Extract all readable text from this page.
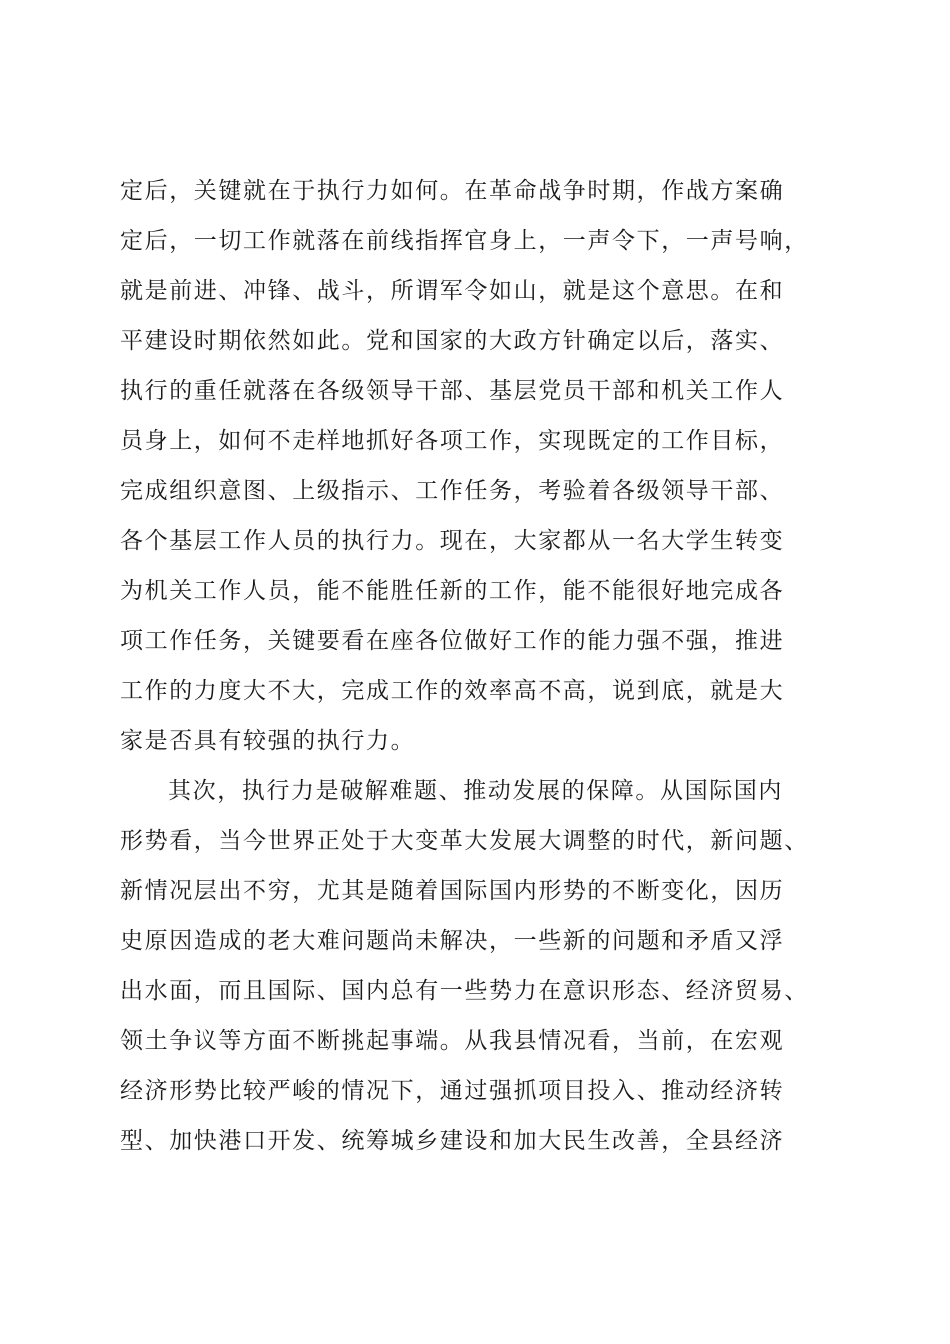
定后，关键就在于执行力如何。在革命战争时期，作战方案确
定后，一切工作就落在前线指挥官身上，一声令下，一声号响，
就是前进、冲锋、战斗，所谓军令如山，就是这个意思。在和
平建设时期依然如此。党和国家的大政方针确定以后，落实、
执行的重任就落在各级领导干部、基层党员干部和机关工作人
员身上，如何不走样地抓好各项工作，实现既定的工作目标，
完成组织意图、上级指示、工作任务，考验着各级领导干部、
各个基层工作人员的执行力。现在，大家都从一名大学生转变
为机关工作人员，能不能胜任新的工作，能不能很好地完成各
项工作任务，关键要看在座各位做好工作的能力强不强，推进
工作的力度大不大，完成工作的效率高不高，说到底，就是大
家是否具有较强的执行力。
其次，执行力是破解难题、推动发展的保障。从国际国内
形势看，当今世界正处于大变革大发展大调整的时代，新问题、
新情况层出不穷，尤其是随着国际国内形势的不断变化，因历
史原因造成的老大难问题尚未解决，一些新的问题和矛盾又浮
出水面，而且国际、国内总有一些势力在意识形态、经济贸易、
领土争议等方面不断挑起事端。从我县情况看，当前，在宏观
经济形势比较严峻的情况下，通过强抓项目投入、推动经济转
型、加快港口开发、统筹城乡建设和加大民生改善，全县经济
